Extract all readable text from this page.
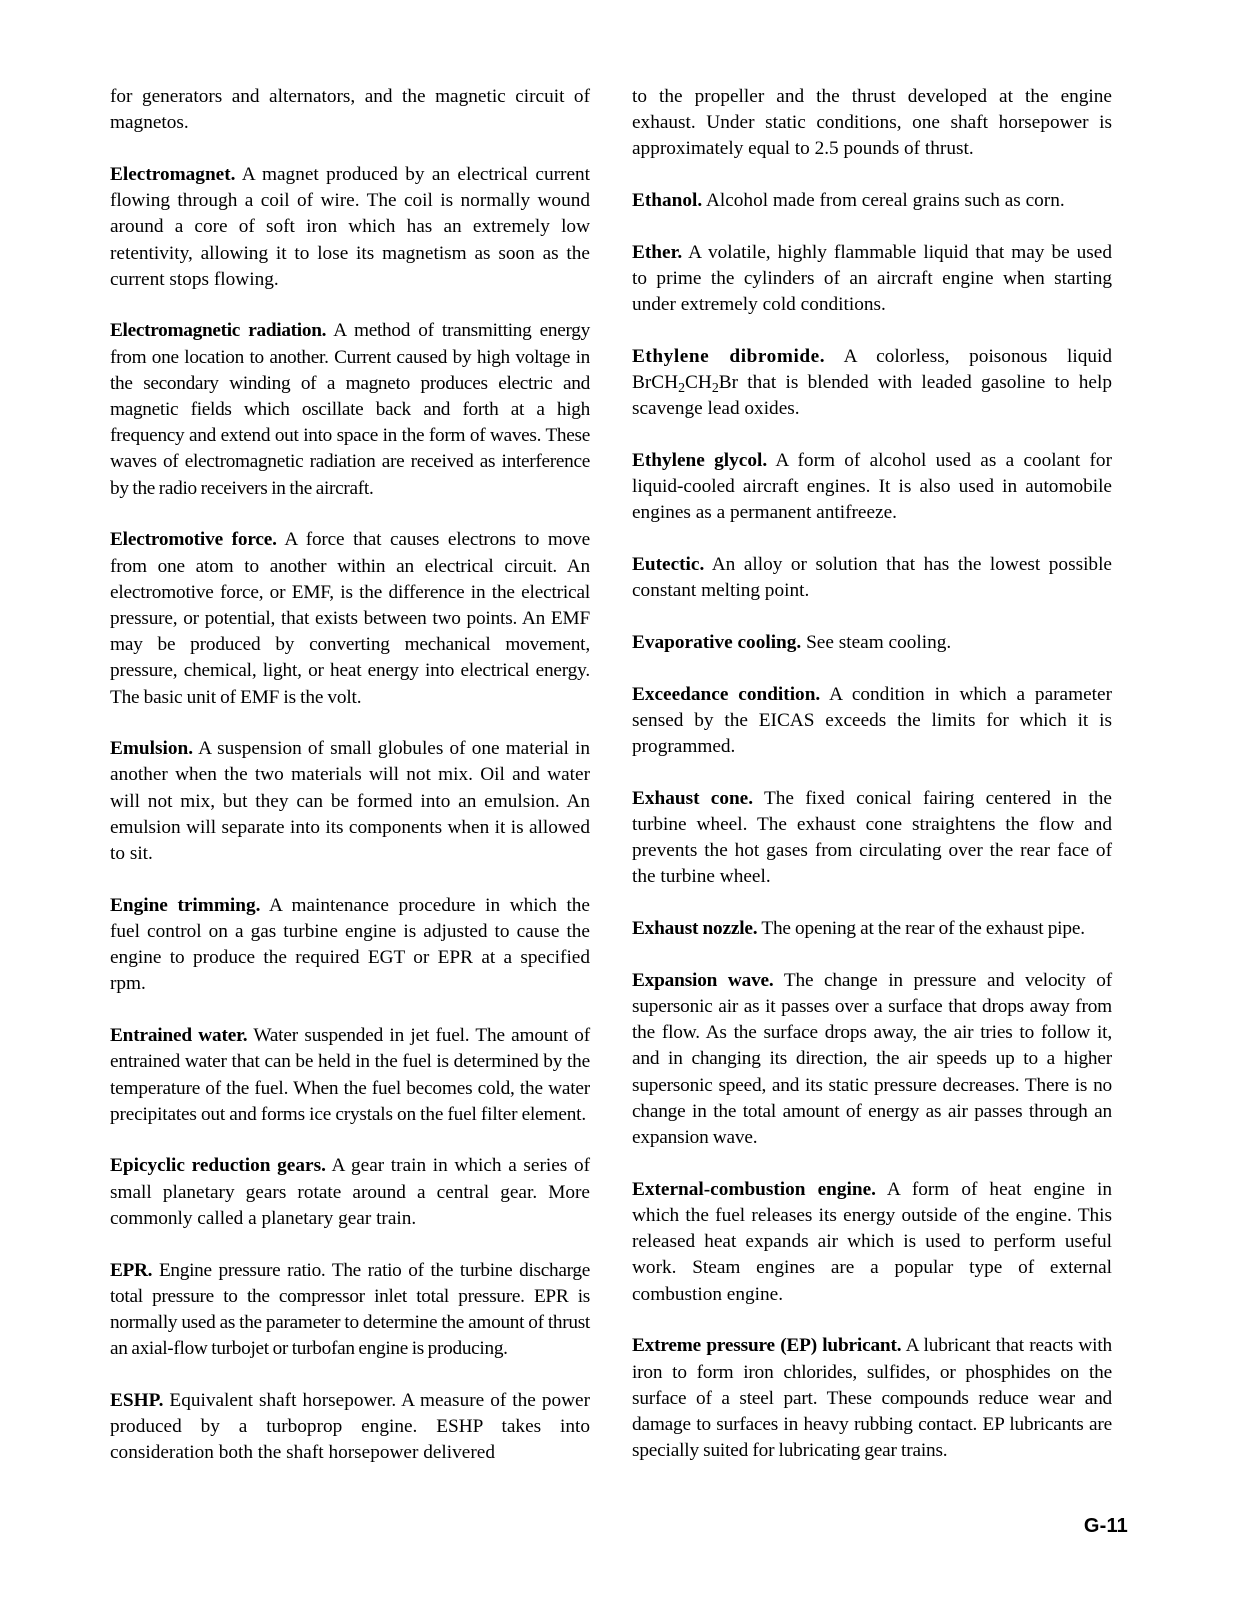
for generators and alternators, and the magnetic circuit of magnetos.

Electromagnet. A magnet produced by an electrical current flowing through a coil of wire. The coil is normally wound around a core of soft iron which has an extremely low retentivity, allowing it to lose its magnetism as soon as the current stops flowing.

Electromagnetic radiation. A method of transmitting energy from one location to another. Current caused by high voltage in the secondary winding of a magneto produces electric and magnetic fields which oscillate back and forth at a high frequency and extend out into space in the form of waves. These waves of electromagnetic radiation are received as interference by the radio receivers in the aircraft.

Electromotive force. A force that causes electrons to move from one atom to another within an electrical circuit. An electromotive force, or EMF, is the difference in the electrical pressure, or potential, that exists between two points. An EMF may be produced by converting mechanical movement, pressure, chemical, light, or heat energy into electrical energy. The basic unit of EMF is the volt.

Emulsion. A suspension of small globules of one material in another when the two materials will not mix. Oil and water will not mix, but they can be formed into an emulsion. An emulsion will separate into its components when it is allowed to sit.

Engine trimming. A maintenance procedure in which the fuel control on a gas turbine engine is adjusted to cause the engine to produce the required EGT or EPR at a specified rpm.

Entrained water. Water suspended in jet fuel. The amount of entrained water that can be held in the fuel is determined by the temperature of the fuel. When the fuel becomes cold, the water precipitates out and forms ice crystals on the fuel filter element.

Epicyclic reduction gears. A gear train in which a series of small planetary gears rotate around a central gear. More commonly called a planetary gear train.

EPR. Engine pressure ratio. The ratio of the turbine discharge total pressure to the compressor inlet total pressure. EPR is normally used as the parameter to determine the amount of thrust an axial-flow turbojet or turbofan engine is producing.

ESHP. Equivalent shaft horsepower. A measure of the power produced by a turboprop engine. ESHP takes into consideration both the shaft horsepower delivered

to the propeller and the thrust developed at the engine exhaust. Under static conditions, one shaft horsepower is approximately equal to 2.5 pounds of thrust.

Ethanol. Alcohol made from cereal grains such as corn.

Ether. A volatile, highly flammable liquid that may be used to prime the cylinders of an aircraft engine when starting under extremely cold conditions.

Ethylene dibromide. A colorless, poisonous liquid $BrCH_2CH_2Br$ that is blended with leaded gasoline to help scavenge lead oxides.

Ethylene glycol. A form of alcohol used as a coolant for liquid-cooled aircraft engines. It is also used in automobile engines as a permanent antifreeze.

Eutectic. An alloy or solution that has the lowest possible constant melting point.

Evaporative cooling. See steam cooling.

Exceedance condition. A condition in which a parameter sensed by the EICAS exceeds the limits for which it is programmed.

Exhaust cone. The fixed conical fairing centered in the turbine wheel. The exhaust cone straightens the flow and prevents the hot gases from circulating over the rear face of the turbine wheel.

Exhaust nozzle. The opening at the rear of the exhaust pipe.

Expansion wave. The change in pressure and velocity of supersonic air as it passes over a surface that drops away from the flow. As the surface drops away, the air tries to follow it, and in changing its direction, the air speeds up to a higher supersonic speed, and its static pressure decreases. There is no change in the total amount of energy as air passes through an expansion wave.

External-combustion engine. A form of heat engine in which the fuel releases its energy outside of the engine. This released heat expands air which is used to perform useful work. Steam engines are a popular type of external combustion engine.

Extreme pressure (EP) lubricant. A lubricant that reacts with iron to form iron chlorides, sulfides, or phosphides on the surface of a steel part. These compounds reduce wear and damage to surfaces in heavy rubbing contact. EP lubricants are specially suited for lubricating gear trains.

G-11
